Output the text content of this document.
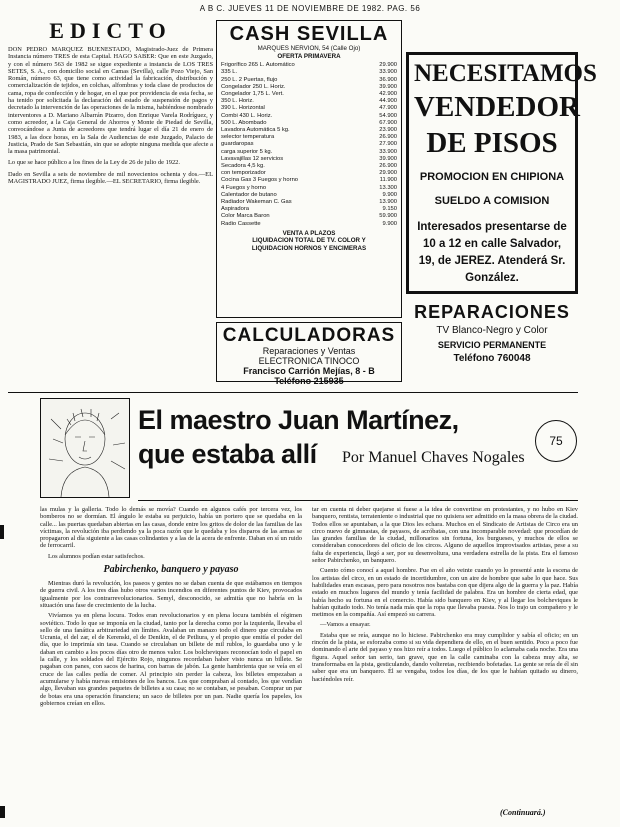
A B C. JUEVES 11 DE NOVIEMBRE DE 1982. PAG. 56
EDICTO
DON PEDRO MARQUEZ BUENESTADO, Magistrado-Juez de Primera Instancia número TRES de esta Capital. HAGO SABER: Que en este Juzgado, y con el número 563 de 1982 se sigue expediente a instancia de LOS TRES SETES, S. A., con domicilio social en Camas (Sevilla), calle Pozo Viejo, San Román, número 63, que tiene como actividad la fabricación, distribución y comercialización de tejidos, en colchas, alfombras y toda clase de productos de cama, ropa de confección y de hogar, en el que por providencia de esta fecha, se ha tenido por solicitada la declaración del estado de suspensión de pagos y decretado la intervención de las operaciones de la misma, habiéndose nombrado interventores a D. Mariano Albarrán Pizarro, don Enrique Varela Rodríguez, y como acreedor, a la Caja General de Ahorros y Monte de Piedad de Sevilla, convocándose a Junta de acreedores que tendrá lugar el día 21 de enero de 1983, a las doce horas, en la Sala de Audiencias de este Juzgado, Palacio de Justicia, Prado de San Sebastián, sin que se adopte ninguna medida que afecte a la masa patrimonial.
Lo que se hace público a los fines de la Ley de 26 de julio de 1922.
Dado en Sevilla a seis de noviembre de mil novecientos ochenta y dos.—EL MAGISTRADO JUEZ, firma ilegible.—EL SECRETARIO, firma ilegible.
CASH SEVILLA
MARQUES NERVION, 54 (Calle Ojo)
OFERTA PRIMAVERA
Frigorífico 265 L. Automático	29.900
335 L.	33.900
250 L. 2 Puertas, flujo	36.900
Congelador 250 L. Horiz.	39.900
Congelador 1,75 L. Vert.	42.900
350 L. Horiz.	44.900
390 L. Horizontal	47.900
Combi 430 L. Horiz.	54.900
500 L. Abombado	67.900
Lavadora Automática 5 kg.	23.900
selector temperatura	26.900
guardaropas	27.900
carga superior 5 kg.	33.900
Lavavajillas 12 servicios	39.900
Secadora 4,5 kg.	26.900
con temporizador	29.900
Cocina Gas 3 Fuegos y horno	11.900
4 Fuegos y horno	13.300
Calentador de butano	9.900
Radiador Wakeman C. Gas	13.900
Aspiradora	9.150
Color Marca Baron	59.900
Radio Cassette	9.900
VENTA A PLAZOS
LIQUIDACION TOTAL DE TV. COLOR Y
LIQUIDACION HORNOS Y ENCIMERAS
NECESITAMOS
VENDEDOR
DE PISOS
PROMOCION EN CHIPIONA
SUELDO A COMISION
Interesados presentarse de 10 a 12 en calle Salvador, 19, de JEREZ. Atenderá Sr. González.
CALCULADORAS
Reparaciones y Ventas
ELECTRONICA TINOCO
Francisco Carrión Mejías, 8 - B
Teléfono 215935
REPARACIONES
TV Blanco-Negro y Color
SERVICIO PERMANENTE
Teléfono 760048
El maestro Juan Martínez,
que estaba allí Por Manuel Chaves Nogales
75
las mulas y la galleria. Todo lo demás se movía? Cuando en algunos cafés por tercera vez, los bomberos no se dormían. El ángulo le estaba su perjuicio, había un portero que se quedaba en la calle... las puertas quedaban abiertas en las casas, donde entre los gritos de dolor de las familias de las víctimas, la revolución iba perdiendo ya la poca razón que le quedaba y los disparos de las armas se propagaron al día siguiente a las casas colindantes y a las de la acera de enfrente. Daban en sí un ruido de ferrocarril.
Los alumnos podían estar satisfechos.
Pabirchenko, banquero y payaso
Mientras duró la revolución, los paseos y gentes no se daban cuenta de que estábamos en tiempos de guerra civil. A los tres días hubo otros varios incendios en diferentes puntos de Kiev, provocados igualmente por los contrarrevolucionarios. Semyl, desconocido, se admitía que no habría en la situación una fase de crecimiento de la lucha.
Vivíamos ya en plena locura. Todos eran revolucionarios y en plena locura también el régimen soviético. Todo lo que se imponía en la ciudad, tanto por la derecha como por la izquierda, llevaba el sello de una fanática arbitrariedad sin límites. Avalaban un manazo todo el dinero que circulaba en Ucrania, el del zar, el de Kerenski, el de Denikin, el de Petliura, y el propio que emitía el poder del día, que lo imprimía sin tasa. Cuando se circulaban un billete de mil rublos, lo guardaba uno y le daban en cambio a los pocos días otro de menos valor. Los bolcheviques reconocían todo el papel en la calle, y los soldados del Ejército Rojo, ningunos recordaban haber visto nunca un billete. Se pagaban con panes, con sacos de harina, con barras de jabón. La gente hambrienta que se veía en el cruce de las calles pedía de comer. Al principio sin perder la cabeza, los billetes empezaban a acumularse y había nuevas emisiones de los bancos. Los que compraban al contado, los que vendían algo, llevaban sus grandes paquetes de billetes a su casa; no se contaban, se pesaban. Comprar un par de botas era una operación financiera; un saco de billetes por un pan. Nadie quería los papeles, los gobiernos creían en ellos.
tar en cuenta ni deber quejarse si fuese a la idea de convertirse en protestantes, y no hubo en Kiev banquero, rentista, terrateniente o industrial que no quisiera ser admitido en la masa obrera de la ciudad. Todos ellos se apuntaban, a la que Dios les echara. Muchos en el Sindicato de Artistas de Circo era un circo nuevo de gimnastas, de payasos, de acróbatas, con una incomparable novedad: que procedían de las grandes familias de la ciudad, millonarios sin fortuna, los burgueses, y muchos de ellos se consideraban conocedores del oficio de los circos. Alguno de aquellos improvisados artistas, pese a su falta de experiencia, llegó a ser, por su desenvoltura, una verdadera estrella de la pista. Era el famoso señor Pabirchenko, un banquero.
Cuento cómo conocí a aquel hombre. Fue en el año veinte cuando yo lo presenté ante la escena de los artistas del circo, en un estado de incertidumbre, con un aire de hombre que sabe lo que hace. Sus habilidades eran escasas, pero para nosotros nos bastaba con que dijera algo de la guerra y la paz. Había estado en muchos lugares del mundo y tenía facilidad de palabra. Era un hombre de cierta edad, que había hecho su fortuna en el comercio. Había sido banquero en Kiev, y al llegar los bolcheviques le habían quitado todo. No tenía nada más que la ropa que llevaba puesta. Nos lo trajo un compañero y le metimos en la compañía. Así empezó su carrera.
—Vamos a ensayar.
Estaba que se reía, aunque no lo hiciese. Pabirchenko era muy cumplidor y sabía el oficio; en un rincón de la pista, se esforzaba como si su vida dependiera de ello, en el buen sentido. Poco a poco fue dominando el arte del payaso y nos hizo reír a todos. Luego el público lo aclamaba cada noche. Era una figura. Aquel señor tan serio, tan grave, que en la calle caminaba con la cabeza muy alta, se transformaba en la pista, gesticulando, dando volteretas, recibiendo bofetadas. La gente se reía de él sin saber que era un banquero. Él se vengaba, todos los días, de los que le habían quitado su dinero, haciéndoles reír.
(Continuará.)
